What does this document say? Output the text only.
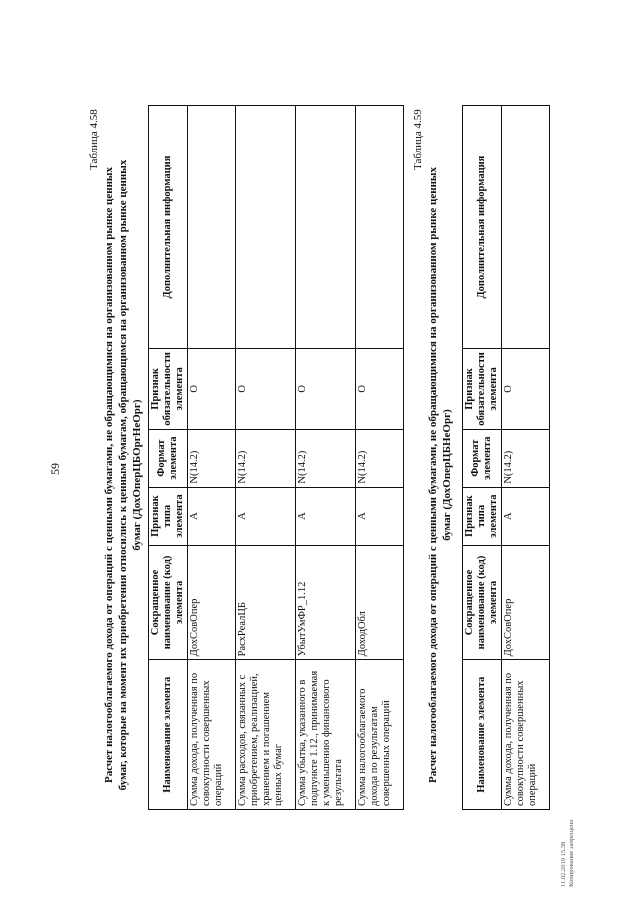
59
Таблица 4.58
Расчет налогооблагаемого дохода от операций с ценными бумагами, не обращающимися на организованном рынке ценных бумаг, которые на момент их приобретения относились к ценным бумагам, обращающимся на организованном рынке ценных бумаг (ДохОперЦБОргНеОрг)
Наименование элемента	Сокращенное наименование (код) элемента	Признак типа элемента	Формат элемента	Признак обязательности элемента	Дополнительная информация
Сумма дохода, полученная по совокупности совершенных операций	ДохСовОпер	А	N(14.2)	О	
Сумма расходов, связанных с приобретением, реализацией, хранением и погашением ценных бумаг	РасхРеалЦБ	А	N(14.2)	О	
Сумма убытка, указанного в подпункте 1.12., принимаемая к уменьшению финансового результата	УбытУмФР_1.12	А	N(14.2)	О	
Сумма налогооблагаемого дохода по результатам совершенных операций	ДоходОбл	А	N(14.2)	О	
Таблица 4.59
Расчет налогооблагаемого дохода от операций с ценными бумагами, не обращающимися на организованном рынке ценных бумаг (ДохОперЦБНеОрг)
Наименование элемента	Сокращенное наименование (код) элемента	Признак типа элемента	Формат элемента	Признак обязательности элемента	Дополнительная информация
Сумма дохода, полученная по совокупности совершенных операций	ДохСовОпер	А	N(14.2)	О	
11.02.2019 15.38 Копирование запрещено
